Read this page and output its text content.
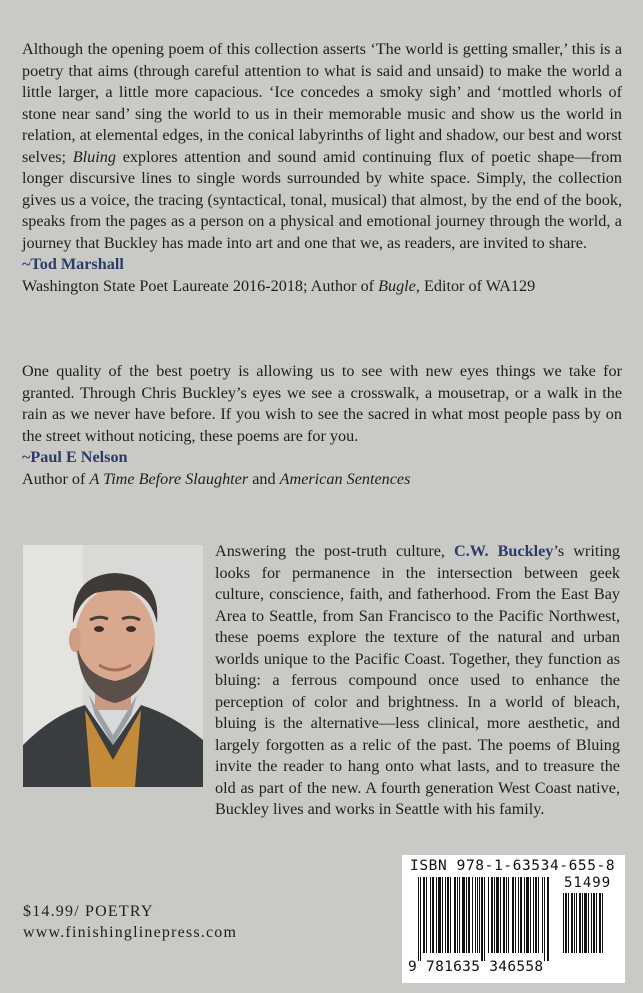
Although the opening poem of this collection asserts ‘The world is getting smaller,’ this is a poetry that aims (through careful attention to what is said and unsaid) to make the world a little larger, a little more capacious. ‘Ice concedes a smoky sigh’ and ‘mottled whorls of stone near sand’ sing the world to us in their memorable music and show us the world in relation, at elemental edges, in the conical labyrinths of light and shadow, our best and worst selves; Bluing explores attention and sound amid continuing flux of poetic shape—from longer discursive lines to single words surrounded by white space. Simply, the collection gives us a voice, the tracing (syntactical, tonal, musical) that almost, by the end of the book, speaks from the pages as a person on a physical and emotional journey through the world, a journey that Buckley has made into art and one that we, as readers, are invited to share.

~Tod Marshall

Washington State Poet Laureate 2016-2018; Author of Bugle, Editor of WA129

One quality of the best poetry is allowing us to see with new eyes things we take for granted. Through Chris Buckley’s eyes we see a crosswalk, a mousetrap, or a walk in the rain as we never have before. If you wish to see the sacred in what most people pass by on the street without noticing, these poems are for you.

~Paul E Nelson

Author of A Time Before Slaughter and American Sentences

Answering the post-truth culture, C.W. Buckley’s writing looks for permanence in the intersection between geek culture, conscience, faith, and fatherhood. From the East Bay Area to Seattle, from San Francisco to the Pacific Northwest, these poems explore the texture of the natural and urban worlds unique to the Pacific Coast. Together, they function as bluing: a ferrous compound once used to enhance the perception of color and brightness. In a world of bleach, bluing is the alternative—less clinical, more aesthetic, and largely forgotten as a relic of the past. The poems of Bluing invite the reader to hang onto what lasts, and to treasure the old as part of the new. A fourth generation West Coast native, Buckley lives and works in Seattle with his family.
$14.99/ POETRY
www.finishinglinepress.com
ISBN 978-1-63534-655-8
51499
9 781635 346558
